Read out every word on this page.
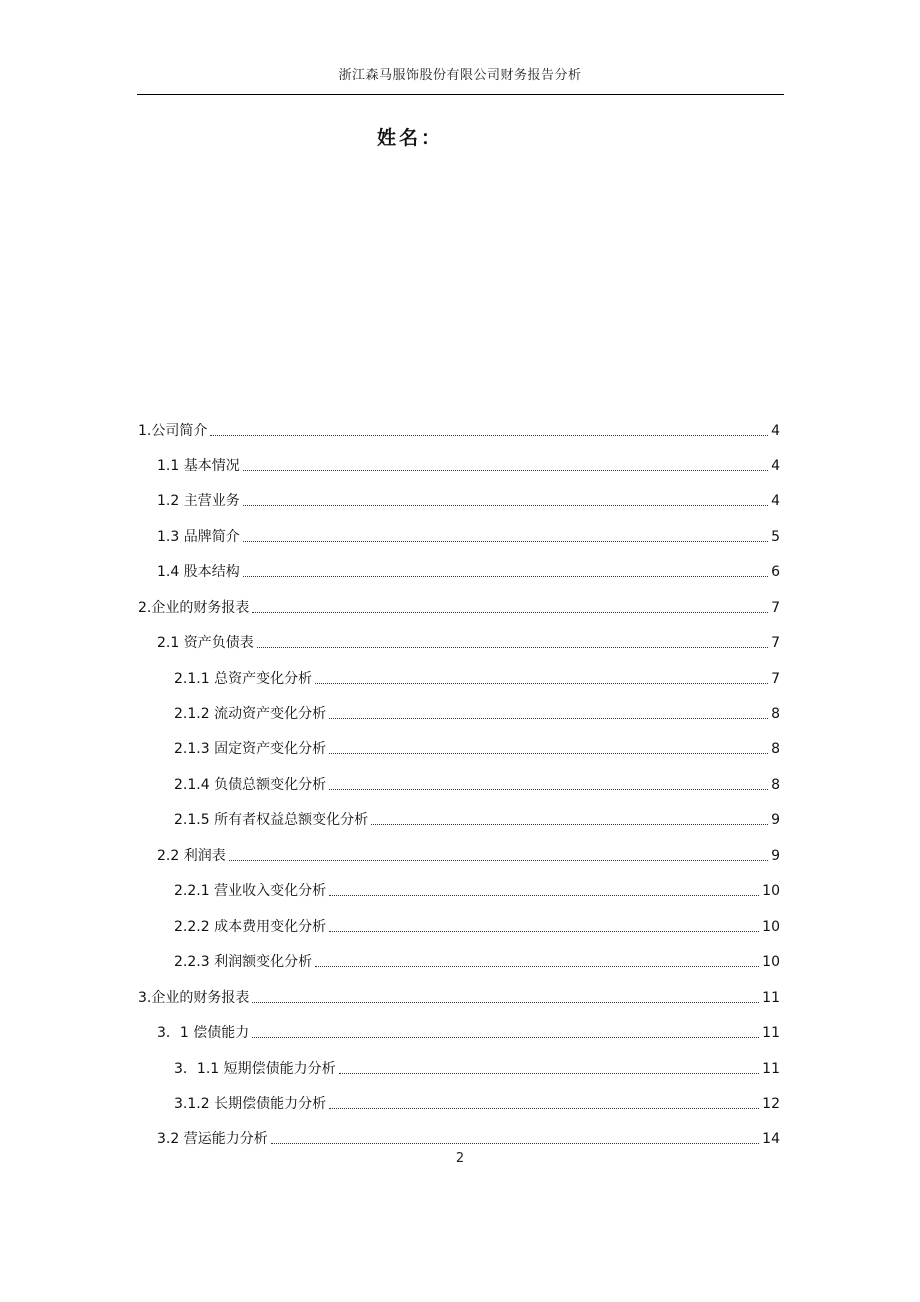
浙江森马服饰股份有限公司财务报告分析
姓名：
1.公司简介	4
1.1 基本情况	4
1.2 主营业务	4
1.3 品牌简介	5
1.4 股本结构	6
2.企业的财务报表	7
2.1 资产负债表	7
2.1.1 总资产变化分析	7
2.1.2 流动资产变化分析	8
2.1.3 固定资产变化分析	8
2.1.4 负债总额变化分析	8
2.1.5 所有者权益总额变化分析	9
2.2 利润表	9
2.2.1 营业收入变化分析	10
2.2.2 成本费用变化分析	10
2.2.3 利润额变化分析	10
3.企业的财务报表	11
3．1 偿债能力	11
3．1.1 短期偿债能力分析	11
3.1.2 长期偿债能力分析	12
3.2 营运能力分析	14
2
